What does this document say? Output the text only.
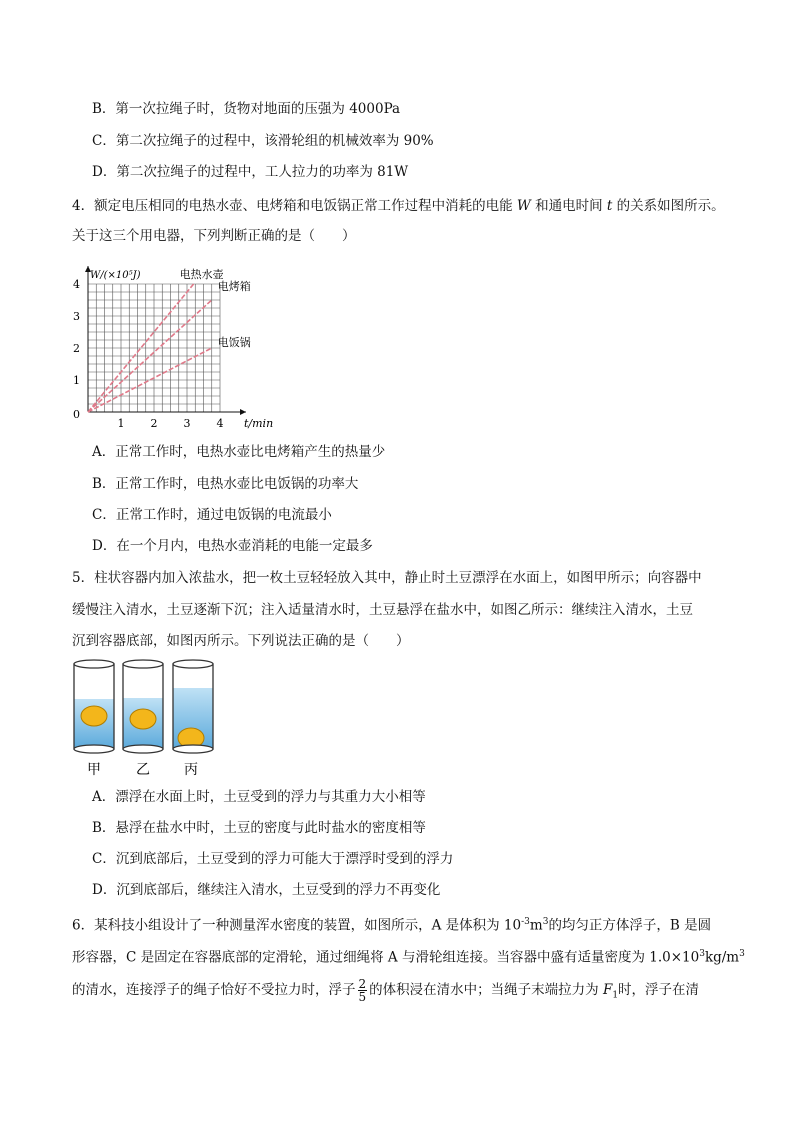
B．第一次拉绳子时，货物对地面的压强为 4000Pa
C．第二次拉绳子的过程中，该滑轮组的机械效率为 90%
D．第二次拉绳子的过程中，工人拉力的功率为 81W
4．额定电压相同的电热水壶、电烤箱和电饭锅正常工作过程中消耗的电能 W 和通电时间 t 的关系如图所示。
关于这三个用电器，下列判断正确的是（　　）
1 2 3 4
1
2
3
4
0
W/(×10⁵J)
t/min
电热水壶
电烤箱
电饭锅
A．正常工作时，电热水壶比电烤箱产生的热量少
B．正常工作时，电热水壶比电饭锅的功率大
C．正常工作时，通过电饭锅的电流最小
D．在一个月内，电热水壶消耗的电能一定最多
5．柱状容器内加入浓盐水，把一枚土豆轻轻放入其中，静止时土豆漂浮在水面上，如图甲所示；向容器中
缓慢注入清水，土豆逐渐下沉；注入适量清水时，土豆悬浮在盐水中，如图乙所示：继续注入清水，土豆
沉到容器底部，如图丙所示。下列说法正确的是（　　）
甲	乙 丙
A．漂浮在水面上时，土豆受到的浮力与其重力大小相等
B．悬浮在盐水中时，土豆的密度与此时盐水的密度相等
C．沉到底部后，土豆受到的浮力可能大于漂浮时受到的浮力
D．沉到底部后，继续注入清水，土豆受到的浮力不再变化
6．某科技小组设计了一种测量浑水密度的装置，如图所示，A 是体积为 $10^{-3}m^3$的均匀正方体浮子，B 是圆
形容器，C 是固定在容器底部的定滑轮，通过细绳将 A 与滑轮组连接。当容器中盛有适量密度为 $1.0\times 10^3kg/m^3$
的清水，连接浮子的绳子恰好不受拉力时，浮子 $\frac{2}{5}$ 的体积浸在清水中；当绳子末端拉力为 $F_1$时，浮子在清
